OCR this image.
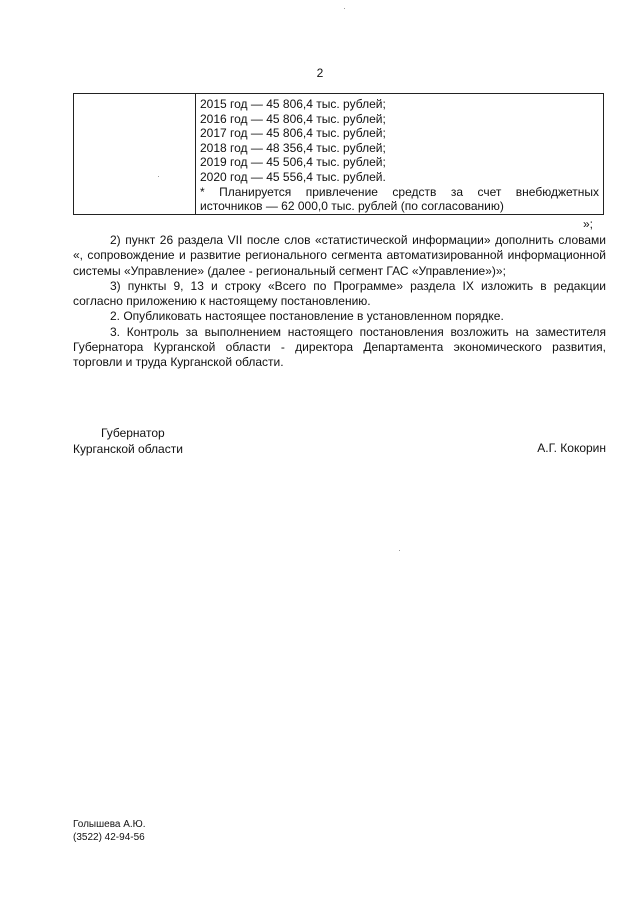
2
2015 год — 45 806,4 тыс. рублей;
2016 год — 45 806,4 тыс. рублей;
2017 год — 45 806,4 тыс. рублей;
2018 год — 48 356,4 тыс. рублей;
2019 год — 45 506,4 тыс. рублей;
2020 год — 45 556,4 тыс. рублей.
* Планируется привлечение средств за счет внебюджетных
источников — 62 000,0 тыс. рублей (по согласованию)
»;

2) пункт 26 раздела VII после слов «статистической информации» дополнить словами «, сопровождение и развитие регионального сегмента автоматизированной информационной системы «Управление» (далее - региональный сегмент ГАС «Управление»)»;

3) пункты 9, 13 и строку «Всего по Программе» раздела IX изложить в редакции согласно приложению к настоящему постановлению.

2. Опубликовать настоящее постановление в установленном порядке.

3. Контроль за выполнением настоящего постановления возложить на заместителя Губернатора Курганской области - директора Департамента экономического развития, торговли и труда Курганской области.

Губернатор
Курганской области	А.Г. Кокорин
Голышева А.Ю.
(3522) 42-94-56
